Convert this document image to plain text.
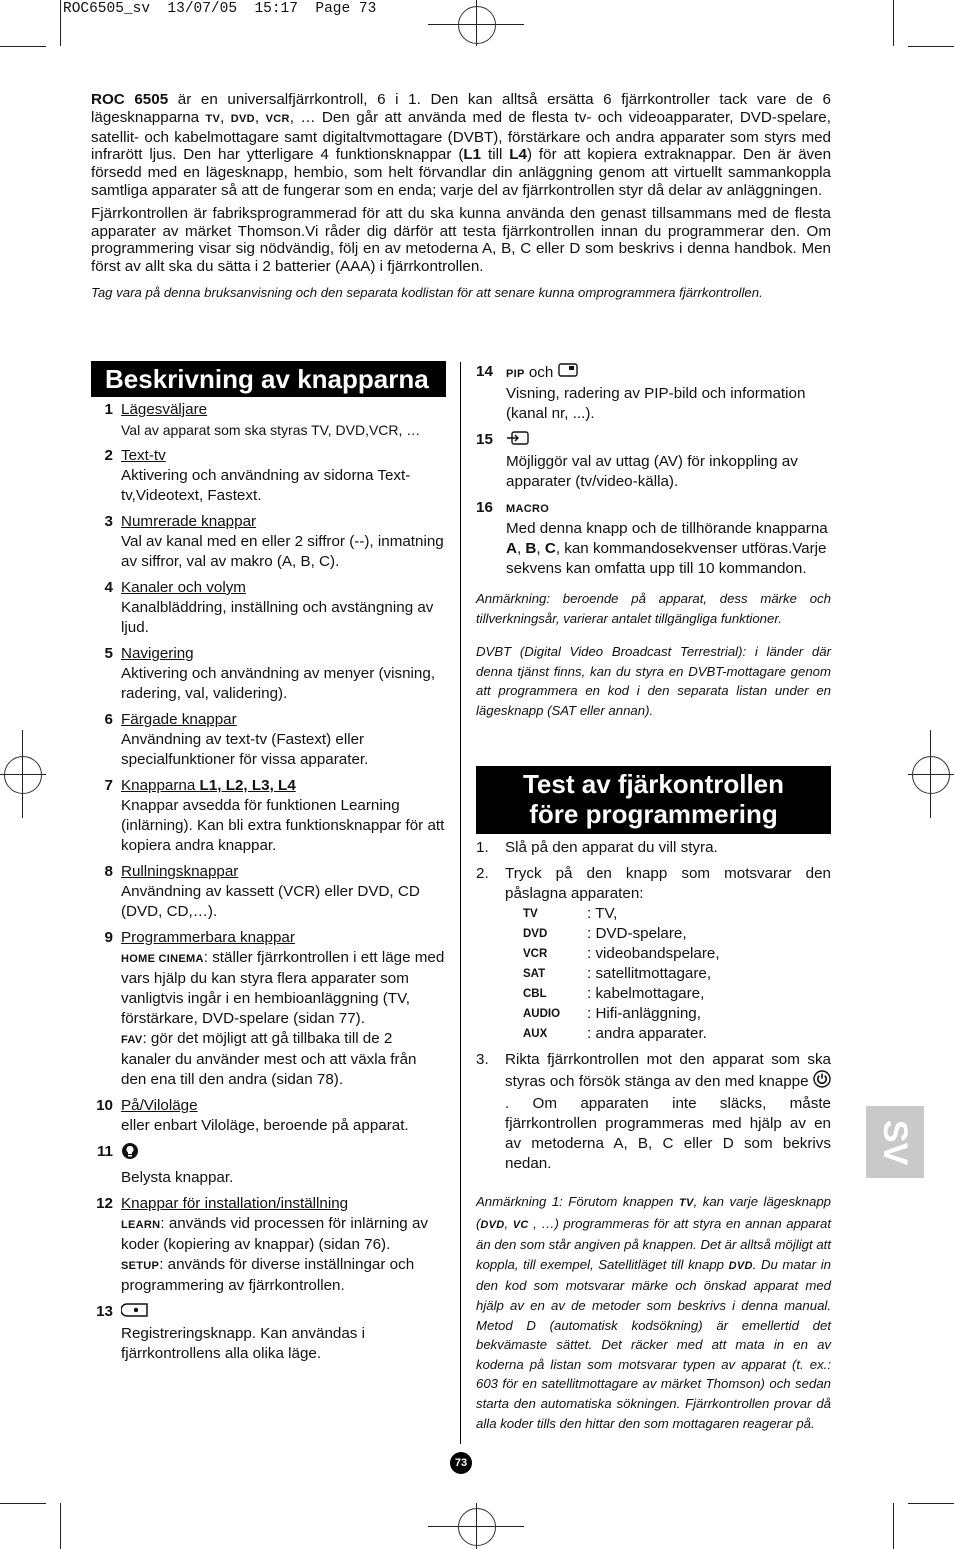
ROC6505_sv 13/07/05 15:17 Page 73

ROC 6505 är en universalfjärrkontroll, 6 i 1. Den kan alltså ersätta 6 fjärrkontroller tack vare de 6 lägesknapparna TV, DVD, VCR, … Den går att använda med de flesta tv- och videoapparater, DVD-spelare, satellit- och kabelmottagare samt digitaltvmottagare (DVBT), förstärkare och andra apparater som styrs med infrarött ljus. Den har ytterligare 4 funktionsknappar (L1 till L4) för att kopiera extraknappar. Den är även försedd med en lägesknapp, hembio, som helt förvandlar din anläggning genom att virtuellt sammankoppla samtliga apparater så att de fungerar som en enda; varje del av fjärrkontrollen styr då delar av anläggningen.

Fjärrkontrollen är fabriksprogrammerad för att du ska kunna använda den genast tillsammans med de flesta apparater av märket Thomson.Vi råder dig därför att testa fjärrkontrollen innan du programmerar den. Om programmering visar sig nödvändig, följ en av metoderna A, B, C eller D som beskrivs i denna handbok. Men först av allt ska du sätta i 2 batterier (AAA) i fjärrkontrollen.

Tag vara på denna bruksanvisning och den separata kodlistan för att senare kunna omprogrammera fjärrkontrollen.

Beskrivning av knapparna
1 Lägesväljare
Val av apparat som ska styras TV, DVD,VCR, …
2 Text-tv
Aktivering och användning av sidorna Text-tv,Videotext, Fastext.
3 Numrerade knappar
Val av kanal med en eller 2 siffror (--), inmatning av siffror, val av makro (A, B, C).
4 Kanaler och volym
Kanalbläddring, inställning och avstängning av ljud.
5 Navigering
Aktivering och användning av menyer (visning, radering, val, validering).
6 Färgade knappar
Användning av text-tv (Fastext) eller specialfunktioner för vissa apparater.
7 Knapparna L1, L2, L3, L4
Knappar avsedda för funktionen Learning (inlärning). Kan bli extra funktionsknappar för att kopiera andra knappar.
8 Rullningsknappar
Användning av kassett (VCR) eller DVD, CD (DVD, CD,…).
9 Programmerbara knappar
HOME CINEMA: ställer fjärrkontrollen i ett läge med vars hjälp du kan styra flera apparater som vanligtvis ingår i en hembioanläggning (TV, förstärkare, DVD-spelare (sidan 77).
FAV: gör det möjligt att gå tillbaka till de 2 kanaler du använder mest och att växla från den ena till den andra (sidan 78).
10 På/Viloläge
eller enbart Viloläge, beroende på apparat.
11
Belysta knappar.
12 Knappar för installation/inställning
LEARN: används vid processen för inlärning av koder (kopiering av knappar) (sidan 76).
SETUP: används för diverse inställningar och programmering av fjärrkontrollen.
13
Registreringsknapp. Kan användas i fjärrkontrollens alla olika läge.
14	PIP och
Visning, radering av PIP-bild och information (kanal nr, ...).
15
Möjliggör val av uttag (AV) för inkoppling av apparater (tv/video-källa).
16	MACRO
Med denna knapp och de tillhörande knapparna A, B, C, kan kommandosekvenser utföras.Varje sekvens kan omfatta upp till 10 kommandon.
Anmärkning: beroende på apparat, dess märke och tillverkningsår, varierar antalet tillgängliga funktioner.
DVBT (Digital Video Broadcast Terrestrial): i länder där denna tjänst finns, kan du styra en DVBT-mottagare genom att programmera en kod i den separata listan under en lägesknapp (SAT eller annan).
Test av fjärkontrollen
före programmering
1. Slå på den apparat du vill styra.
2. Tryck på den knapp som motsvarar den påslagna apparaten:
TV	: TV,
DVD	: DVD-spelare,
VCR	: videobandspelare,
SAT	: satellitmottagare,
CBL	: kabelmottagare,
AUDIO	: Hifi-anläggning,
AUX	: andra apparater.
3. Rikta fjärrkontrollen mot den apparat som ska styras och försök stänga av den med knappe . Om apparaten inte släcks, måste fjärrkontrollen programmeras med hjälp av en av metoderna A, B, C eller D som bekrivs nedan.
Anmärkning 1: Förutom knappen TV, kan varje lägesknapp (DVD, VC , …) programmeras för att styra en annan apparat än den som står angiven på knappen. Det är alltså möjligt att koppla, till exempel, Satellitläget till knapp DVD. Du matar in den kod som motsvarar märke och önskad apparat med hjälp av en av de metoder som beskrivs i denna manual. Metod D (automatisk kodsökning) är emellertid det bekvämaste sättet. Det räcker med att mata in en av koderna på listan som motsvarar typen av apparat (t. ex.: 603 för en satellitmottagare av märket Thomson) och sedan starta den automatiska sökningen. Fjärrkontrollen provar då alla koder tills den hittar den som mottagaren reagerar på.
SV
73
